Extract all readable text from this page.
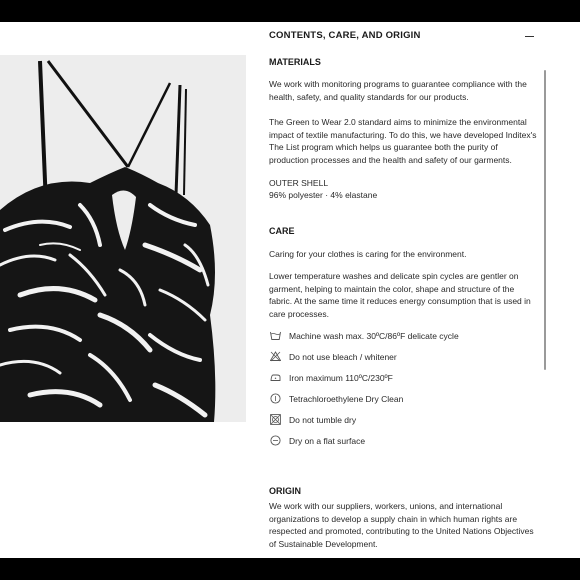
CONTENTS, CARE, AND ORIGIN
MATERIALS
We work with monitoring programs to guarantee compliance with the health, safety, and quality standards for our products.
The Green to Wear 2.0 standard aims to minimize the environmental impact of textile manufacturing. To do this, we have developed Inditex's The List program which helps us guarantee both the purity of production processes and the health and safety of our garments.
OUTER SHELL
96% polyester · 4% elastane
CARE
Caring for your clothes is caring for the environment.
Lower temperature washes and delicate spin cycles are gentler on garment, helping to maintain the color, shape and structure of the fabric. At the same time it reduces energy consumption that is used in care processes.
Machine wash max. 30ºC/86ºF delicate cycle
Do not use bleach / whitener
Iron maximum 110ºC/230ºF
Tetrachloroethylene Dry Clean
Do not tumble dry
Dry on a flat surface
ORIGIN
We work with our suppliers, workers, unions, and international organizations to develop a supply chain in which human rights are respected and promoted, contributing to the United Nations Objectives of Sustainable Development.
